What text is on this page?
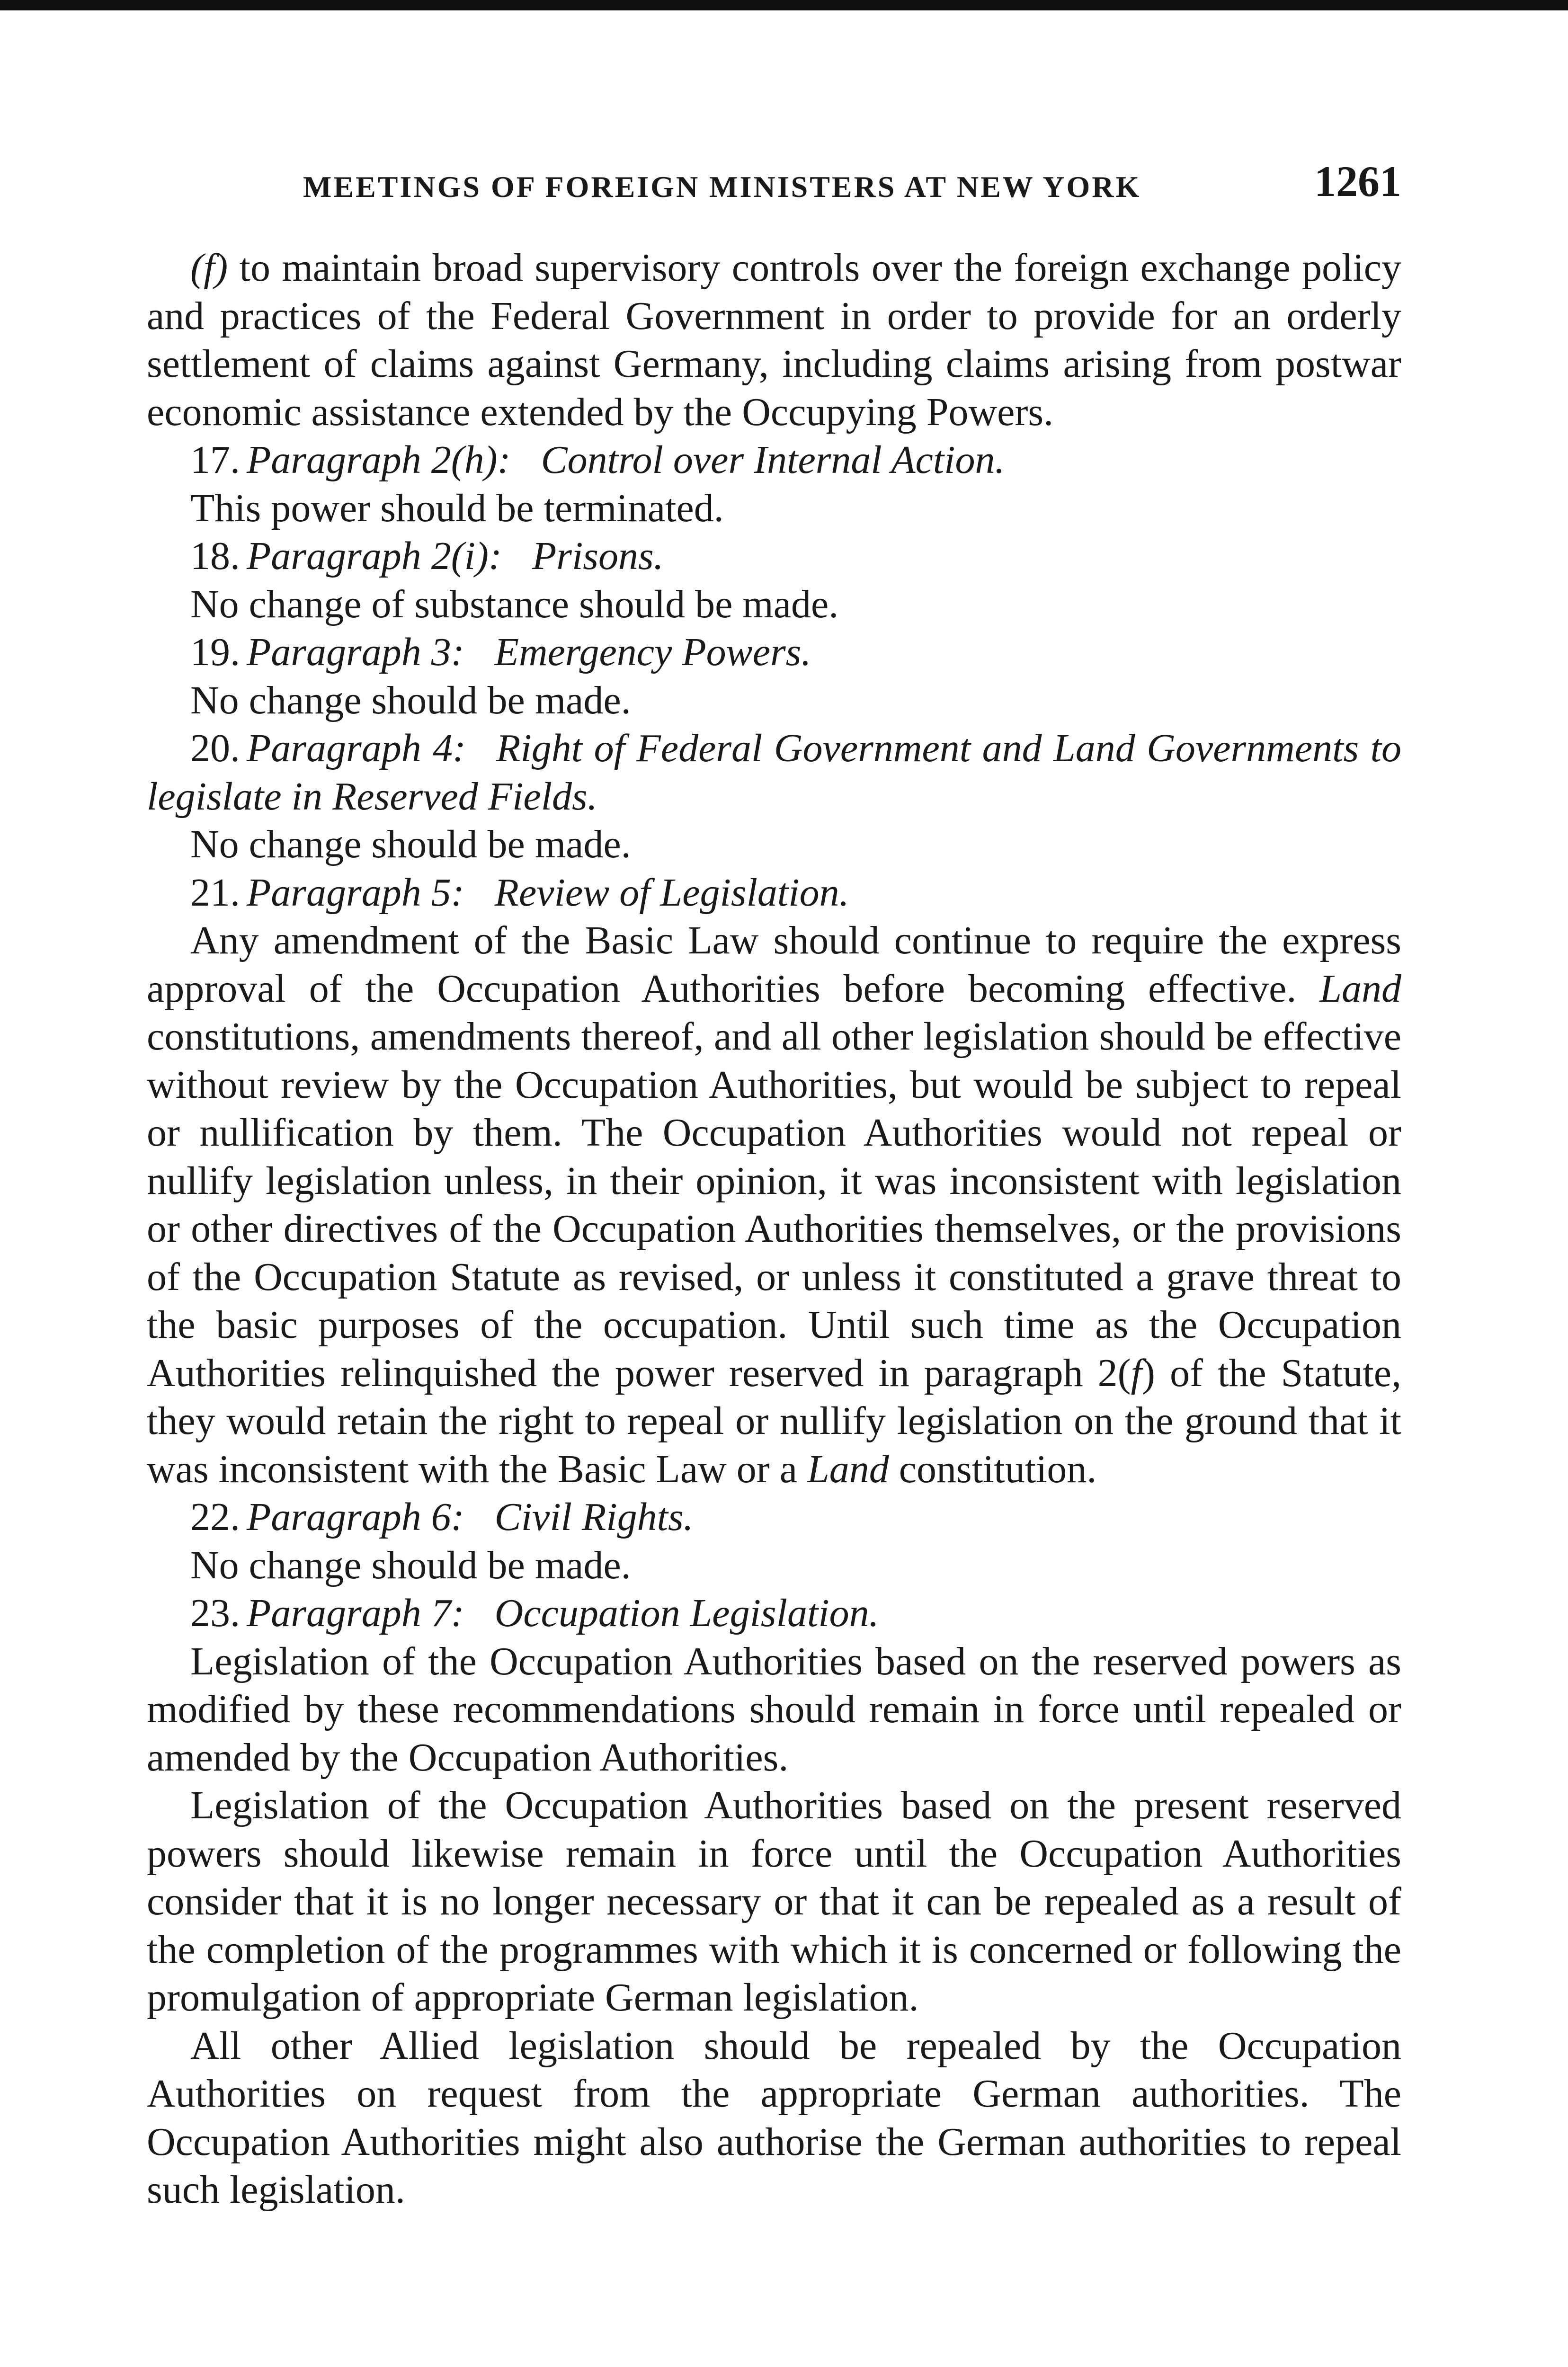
MEETINGS OF FOREIGN MINISTERS AT NEW YORK	1261

(f) to maintain broad supervisory controls over the foreign exchange policy and practices of the Federal Government in order to provide for an orderly settlement of claims against Germany, including claims arising from postwar economic assistance extended by the Occupying Powers.

17. Paragraph 2(h): Control over Internal Action.

This power should be terminated.

18. Paragraph 2(i): Prisons.

No change of substance should be made.

19. Paragraph 3: Emergency Powers.

No change should be made.

20. Paragraph 4: Right of Federal Government and Land Governments to legislate in Reserved Fields.

No change should be made.

21. Paragraph 5: Review of Legislation.

Any amendment of the Basic Law should continue to require the express approval of the Occupation Authorities before becoming effective. Land constitutions, amendments thereof, and all other legislation should be effective without review by the Occupation Authorities, but would be subject to repeal or nullification by them. The Occupation Authorities would not repeal or nullify legislation unless, in their opinion, it was inconsistent with legislation or other directives of the Occupation Authorities themselves, or the provisions of the Occupation Statute as revised, or unless it constituted a grave threat to the basic purposes of the occupation. Until such time as the Occupation Authorities relinquished the power reserved in paragraph 2(f) of the Statute, they would retain the right to repeal or nullify legislation on the ground that it was inconsistent with the Basic Law or a Land constitution.

22. Paragraph 6: Civil Rights.

No change should be made.

23. Paragraph 7: Occupation Legislation.

Legislation of the Occupation Authorities based on the reserved powers as modified by these recommendations should remain in force until repealed or amended by the Occupation Authorities.

Legislation of the Occupation Authorities based on the present reserved powers should likewise remain in force until the Occupation Authorities consider that it is no longer necessary or that it can be repealed as a result of the completion of the programmes with which it is concerned or following the promulgation of appropriate German legislation.

All other Allied legislation should be repealed by the Occupation Authorities on request from the appropriate German authorities. The Occupation Authorities might also authorise the German authorities to repeal such legislation.
